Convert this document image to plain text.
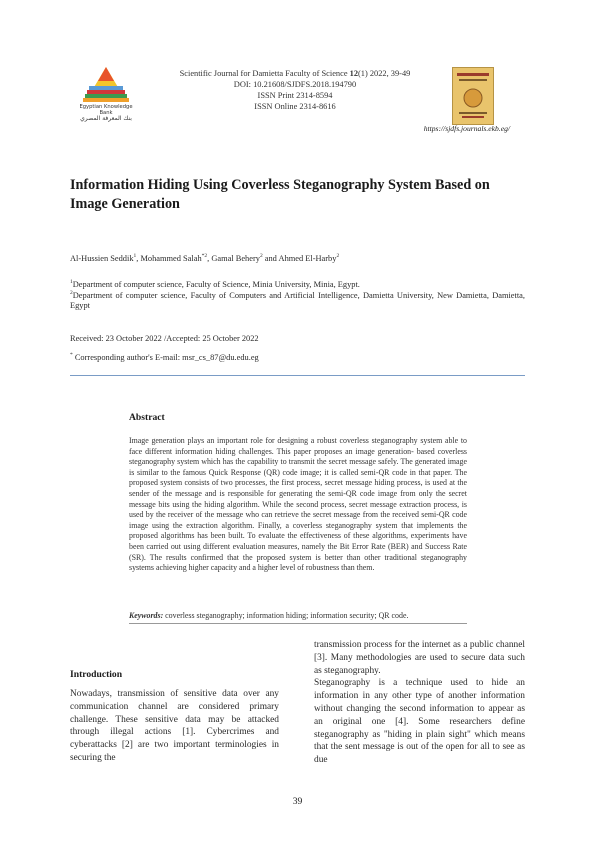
Egyptian Knowledge Bank
بنك المعرفة المصري
Scientific Journal for Damietta Faculty of Science 12(1) 2022, 39-49
DOI: 10.21608/SJDFS.2018.194790
ISSN Print 2314-8594
ISSN Online 2314-8616
https://sjdfs.journals.ekb.eg/
Information Hiding Using Coverless Steganography System Based on Image Generation
Al-Hussien Seddik$^1$, Mohammed Salah$^{*2}$, Gamal Behery$^2$ and Ahmed El-Harby$^2$
$^1$Department of computer science, Faculty of Science, Minia University, Minia, Egypt.
$^2$Department of computer science, Faculty of Computers and Artificial Intelligence, Damietta University, New Damietta, Damietta, Egypt
Received: 23 October 2022 /Accepted: 25 October 2022
* Corresponding author's E-mail: msr_cs_87@du.edu.eg
Abstract
Image generation plays an important role for designing a robust coverless steganography system able to face different information hiding challenges. This paper proposes an image generation- based coverless steganography system which has the capability to transmit the secret message safely. The generated image is similar to the famous Quick Response (QR) code image; it is called semi-QR code in that paper. The proposed system consists of two processes, the first process, secret message hiding process, is used at the sender of the message and is responsible for generating the semi-QR code image from only the secret message bits using the hiding algorithm. While the second process, secret message extraction process, is used by the receiver of the message who can retrieve the secret message from the received semi-QR code image using the extraction algorithm. Finally, a coverless steganography system that implements the proposed algorithms has been built. To evaluate the effectiveness of these algorithms, experiments have been carried out using different evaluation measures, namely the Bit Error Rate (BER) and Success Rate (SR). The results confirmed that the proposed system is better than other traditional steganography systems achieving higher capacity and a higher level of robustness than them.
Keywords: coverless steganography; information hiding; information security; QR code.
Introduction

Nowadays, transmission of sensitive data over any communication channel are considered primary challenge. These sensitive data may be attacked through illegal actions [1]. Cybercrimes and cyberattacks [2] are two important terminologies in securing the

transmission process for the internet as a public channel [3]. Many methodologies are used to secure data such as steganography.

Steganography is a technique used to hide an information in any other type of another information without changing the second information to appear as an original one [4]. Some researchers define steganography as "hiding in plain sight" which means that the sent message is out of the open for all to see as due

39
